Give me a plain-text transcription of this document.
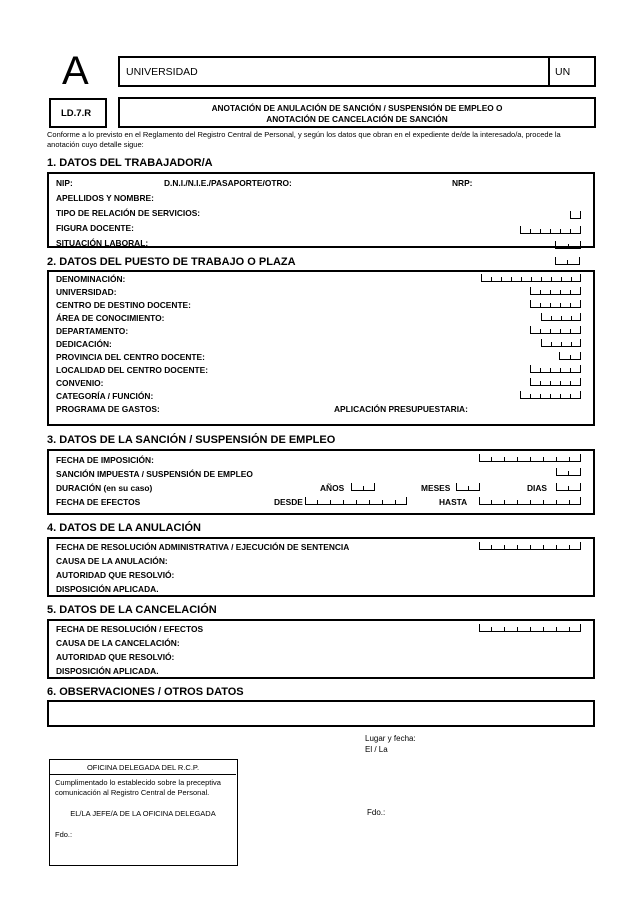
A	UNIVERSIDAD	UN
LD.7.R	ANOTACIÓN DE ANULACIÓN DE SANCIÓN / SUSPENSIÓN DE EMPLEO O
ANOTACIÓN DE CANCELACIÓN DE SANCIÓN
Conforme a lo previsto en el Reglamento del Registro Central de Personal, y según los datos que obran en el expediente de/de la interesado/a, procede la
anotación cuyo detalle sigue:
1. DATOS DEL TRABAJADOR/A
NIP:	D.N.I./N.I.E./PASAPORTE/OTRO:	NRP:
APELLIDOS Y NOMBRE:
TIPO DE RELACIÓN DE SERVICIOS:
FIGURA DOCENTE:
SITUACIÓN LABORAL:
2. DATOS DEL PUESTO DE TRABAJO O PLAZA
DENOMINACIÓN:
UNIVERSIDAD:
CENTRO DE DESTINO DOCENTE:
ÁREA DE CONOCIMIENTO:
DEPARTAMENTO:
DEDICACIÓN:
PROVINCIA DEL CENTRO DOCENTE:
LOCALIDAD DEL CENTRO DOCENTE:
CONVENIO:
CATEGORÍA / FUNCIÓN:
PROGRAMA DE GASTOS:	APLICACIÓN PRESUPUESTARIA:
3. DATOS DE LA SANCIÓN / SUSPENSIÓN DE EMPLEO
FECHA DE IMPOSICIÓN:
SANCIÓN IMPUESTA / SUSPENSIÓN DE EMPLEO
DURACIÓN (en su caso)	AÑOS	MESES	DIAS
FECHA DE EFECTOS	DESDE	HASTA
4. DATOS DE LA ANULACIÓN
FECHA DE RESOLUCIÓN ADMINISTRATIVA / EJECUCIÓN DE SENTENCIA
CAUSA DE LA ANULACIÓN:
AUTORIDAD QUE RESOLVIÓ:
DISPOSICIÓN APLICADA.
5. DATOS DE LA CANCELACIÓN
FECHA DE RESOLUCIÓN / EFECTOS
CAUSA DE LA CANCELACIÓN:
AUTORIDAD QUE RESOLVIÓ:
DISPOSICIÓN APLICADA.
6. OBSERVACIONES / OTROS DATOS
Lugar y fecha:
El / La
Fdo.:
OFICINA DELEGADA DEL R.C.P.
Cumplimentado lo establecido sobre la preceptiva
comunicación al Registro Central de Personal.
EL/LA JEFE/A DE LA OFICINA DELEGADA
Fdo.:
